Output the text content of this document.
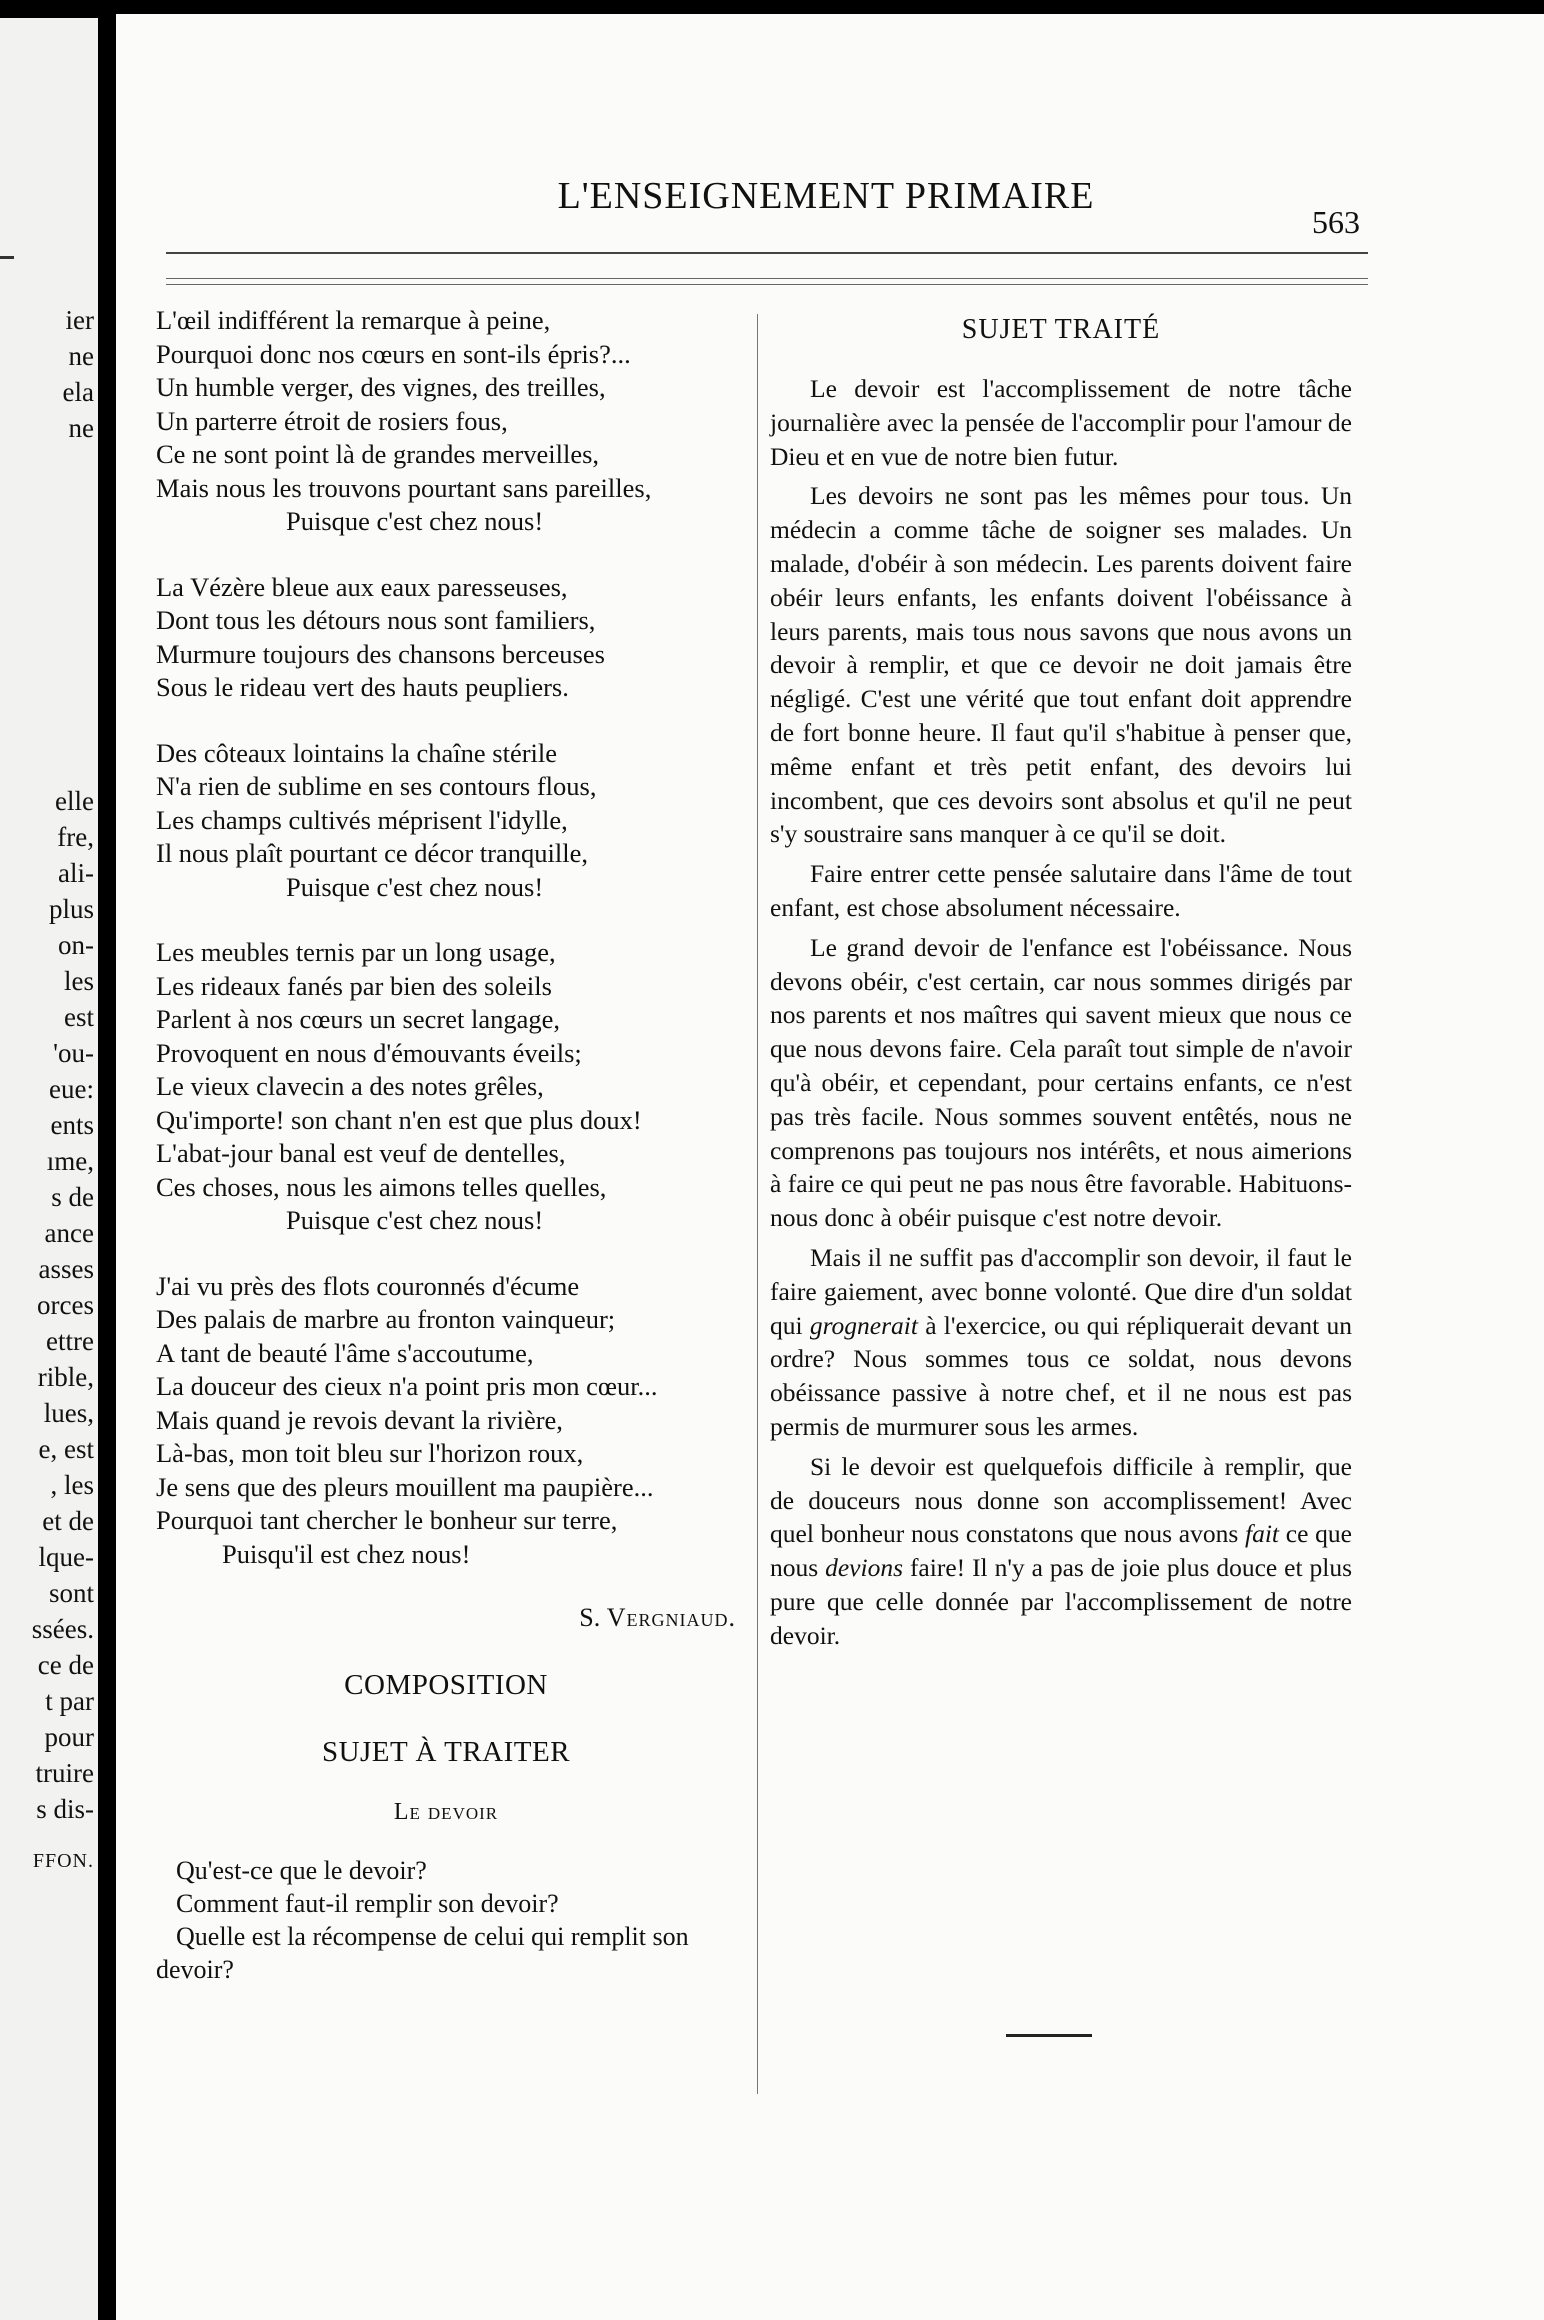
ier
ne
ela
ne
elle
fre,
ali-
plus
on-
les
est
'ou-
eue:
ents
ıme,
s de
ance
asses
orces
ettre
rible,
lues,
e, est
, les
et de
lque-
sont
ssées.
ce de
t par
pour
truire
s dis-
FFON.
L'ENSEIGNEMENT PRIMAIRE
563
L'œil indifférent la remarque à peine,
Pourquoi donc nos cœurs en sont-ils épris?...
Un humble verger, des vignes, des treilles,
Un parterre étroit de rosiers fous,
Ce ne sont point là de grandes merveilles,
Mais nous les trouvons pourtant sans pareilles,
Puisque c'est chez nous!
La Vézère bleue aux eaux paresseuses,
Dont tous les détours nous sont familiers,
Murmure toujours des chansons berceuses
Sous le rideau vert des hauts peupliers.
Des côteaux lointains la chaîne stérile
N'a rien de sublime en ses contours flous,
Les champs cultivés méprisent l'idylle,
Il nous plaît pourtant ce décor tranquille,
Puisque c'est chez nous!
Les meubles ternis par un long usage,
Les rideaux fanés par bien des soleils
Parlent à nos cœurs un secret langage,
Provoquent en nous d'émouvants éveils;
Le vieux clavecin a des notes grêles,
Qu'importe! son chant n'en est que plus doux!
L'abat-jour banal est veuf de dentelles,
Ces choses, nous les aimons telles quelles,
Puisque c'est chez nous!
J'ai vu près des flots couronnés d'écume
Des palais de marbre au fronton vainqueur;
A tant de beauté l'âme s'accoutume,
La douceur des cieux n'a point pris mon cœur...
Mais quand je revois devant la rivière,
Là-bas, mon toit bleu sur l'horizon roux,
Je sens que des pleurs mouillent ma paupière...
Pourquoi tant chercher le bonheur sur terre,
Puisqu'il est chez nous!
S. Vergniaud.
COMPOSITION
SUJET À TRAITER
Le devoir
Qu'est-ce que le devoir?
Comment faut-il remplir son devoir?
Quelle est la récompense de celui qui remplit son devoir?
SUJET TRAITÉ

Le devoir est l'accomplissement de notre tâche journalière avec la pensée de l'accomplir pour l'amour de Dieu et en vue de notre bien futur.

Les devoirs ne sont pas les mêmes pour tous. Un médecin a comme tâche de soigner ses malades. Un malade, d'obéir à son médecin. Les parents doivent faire obéir leurs enfants, les enfants doivent l'obéissance à leurs parents, mais tous nous savons que nous avons un devoir à remplir, et que ce devoir ne doit jamais être négligé. C'est une vérité que tout enfant doit apprendre de fort bonne heure. Il faut qu'il s'habitue à penser que, même enfant et très petit enfant, des devoirs lui incombent, que ces devoirs sont absolus et qu'il ne peut s'y soustraire sans manquer à ce qu'il se doit.

Faire entrer cette pensée salutaire dans l'âme de tout enfant, est chose absolument nécessaire.

Le grand devoir de l'enfance est l'obéissance. Nous devons obéir, c'est certain, car nous sommes dirigés par nos parents et nos maîtres qui savent mieux que nous ce que nous devons faire. Cela paraît tout simple de n'avoir qu'à obéir, et cependant, pour certains enfants, ce n'est pas très facile. Nous sommes souvent entêtés, nous ne comprenons pas toujours nos intérêts, et nous aimerions à faire ce qui peut ne pas nous être favorable. Habituons-nous donc à obéir puisque c'est notre devoir.

Mais il ne suffit pas d'accomplir son devoir, il faut le faire gaiement, avec bonne volonté. Que dire d'un soldat qui grognerait à l'exercice, ou qui répliquerait devant un ordre? Nous sommes tous ce soldat, nous devons obéissance passive à notre chef, et il ne nous est pas permis de murmurer sous les armes.

Si le devoir est quelquefois difficile à remplir, que de douceurs nous donne son accomplissement! Avec quel bonheur nous constatons que nous avons fait ce que nous devions faire! Il n'y a pas de joie plus douce et plus pure que celle donnée par l'accomplissement de notre devoir.
